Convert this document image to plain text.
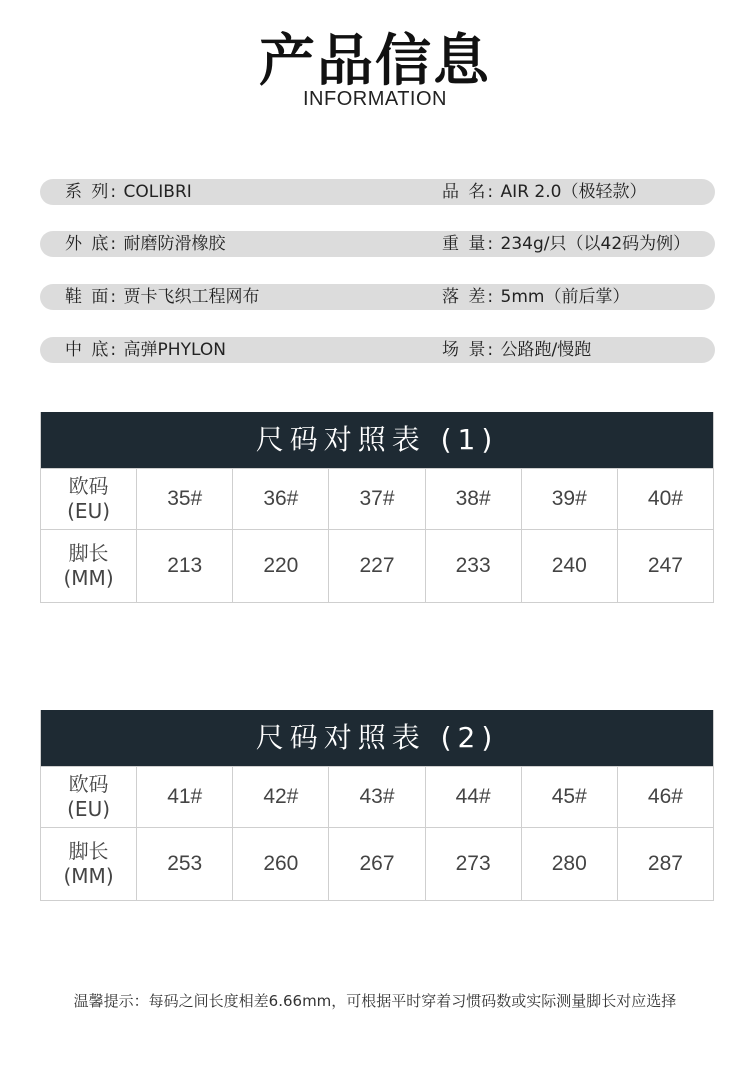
产品信息
INFORMATION
系 列: COLIBRI	品 名: AIR 2.0（极轻款）
外 底: 耐磨防滑橡胶	重 量: 234g/只（以42码为例）
鞋 面: 贾卡飞织工程网布	落 差: 5mm（前后掌）
中 底: 高弹PHYLON	场 景: 公路跑/慢跑
尺码对照表 (1)
欧码
(EU)
35#	36#	37#	38#	39#	40#
脚长
(MM)
213	220	227	233	240	247
尺码对照表 (2)
欧码
(EU)
41#	42#	43#	44#	45#	46#
脚长
(MM)
253	260	267	273	280	287
温馨提示：每码之间长度相差6.66mm，可根据平时穿着习惯码数或实际测量脚长对应选择
